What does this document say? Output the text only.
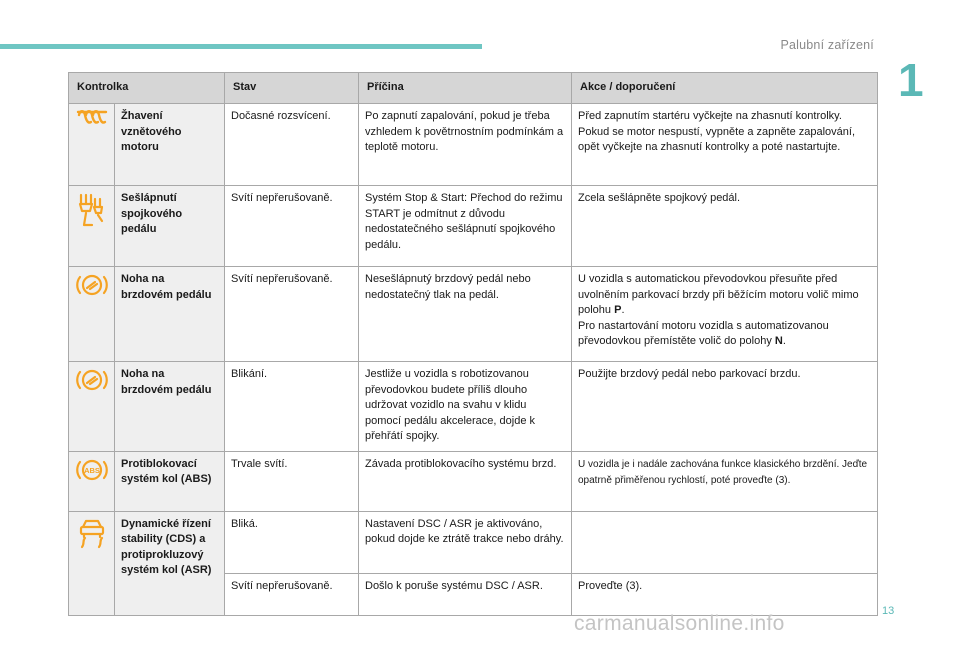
Palubní zařízení
1
Kontrolka		Stav	Příčina	Akce / doporučení
	Žhavení vznětového motoru	Dočasné rozsvícení.	Po zapnutí zapalování, pokud je třeba vzhledem k povětrnostním podmínkám a teplotě motoru.	Před zapnutím startéru vyčkejte na zhasnutí kontrolky. Pokud se motor nespustí, vypněte a zapněte zapalování, opět vyčkejte na zhasnutí kontrolky a poté nastartujte.
	Sešlápnutí spojkového pedálu	Svítí nepřerušovaně.	Systém Stop & Start: Přechod do režimu START je odmítnut z důvodu nedostatečného sešlápnutí spojkového pedálu.	Zcela sešlápněte spojkový pedál.
	Noha na brzdovém pedálu	Svítí nepřerušovaně.	Nesešlápnutý brzdový pedál nebo nedostatečný tlak na pedál.	U vozidla s automatickou převodovkou přesuňte před uvolněním parkovací brzdy při běžícím motoru volič mimo polohu P.
Pro nastartování motoru vozidla s automatizovanou převodovkou přemístěte volič do polohy N.
	Noha na brzdovém pedálu	Blikání.	Jestliže u vozidla s robotizovanou převodovkou budete příliš dlouho udržovat vozidlo na svahu v klidu pomocí pedálu akcelerace, dojde k přehřátí spojky.	Použijte brzdový pedál nebo parkovací brzdu.

ABS	Protiblokovací systém kol (ABS)	Trvale svítí.	Závada protiblokovacího systému brzd.	U vozidla je i nadále zachována funkce klasického brzdění. Jeďte opatrně přiměřenou rychlostí, poté proveďte (3).
	Dynamické řízení stability (CDS) a protiprokluzový systém kol (ASR)	Bliká.	Nastavení DSC / ASR je aktivováno, pokud dojde ke ztrátě trakce nebo dráhy.	
		Svítí nepřerušovaně.	Došlo k poruše systému DSC / ASR.	Proveďte (3).
13
carmanualsonline.info
